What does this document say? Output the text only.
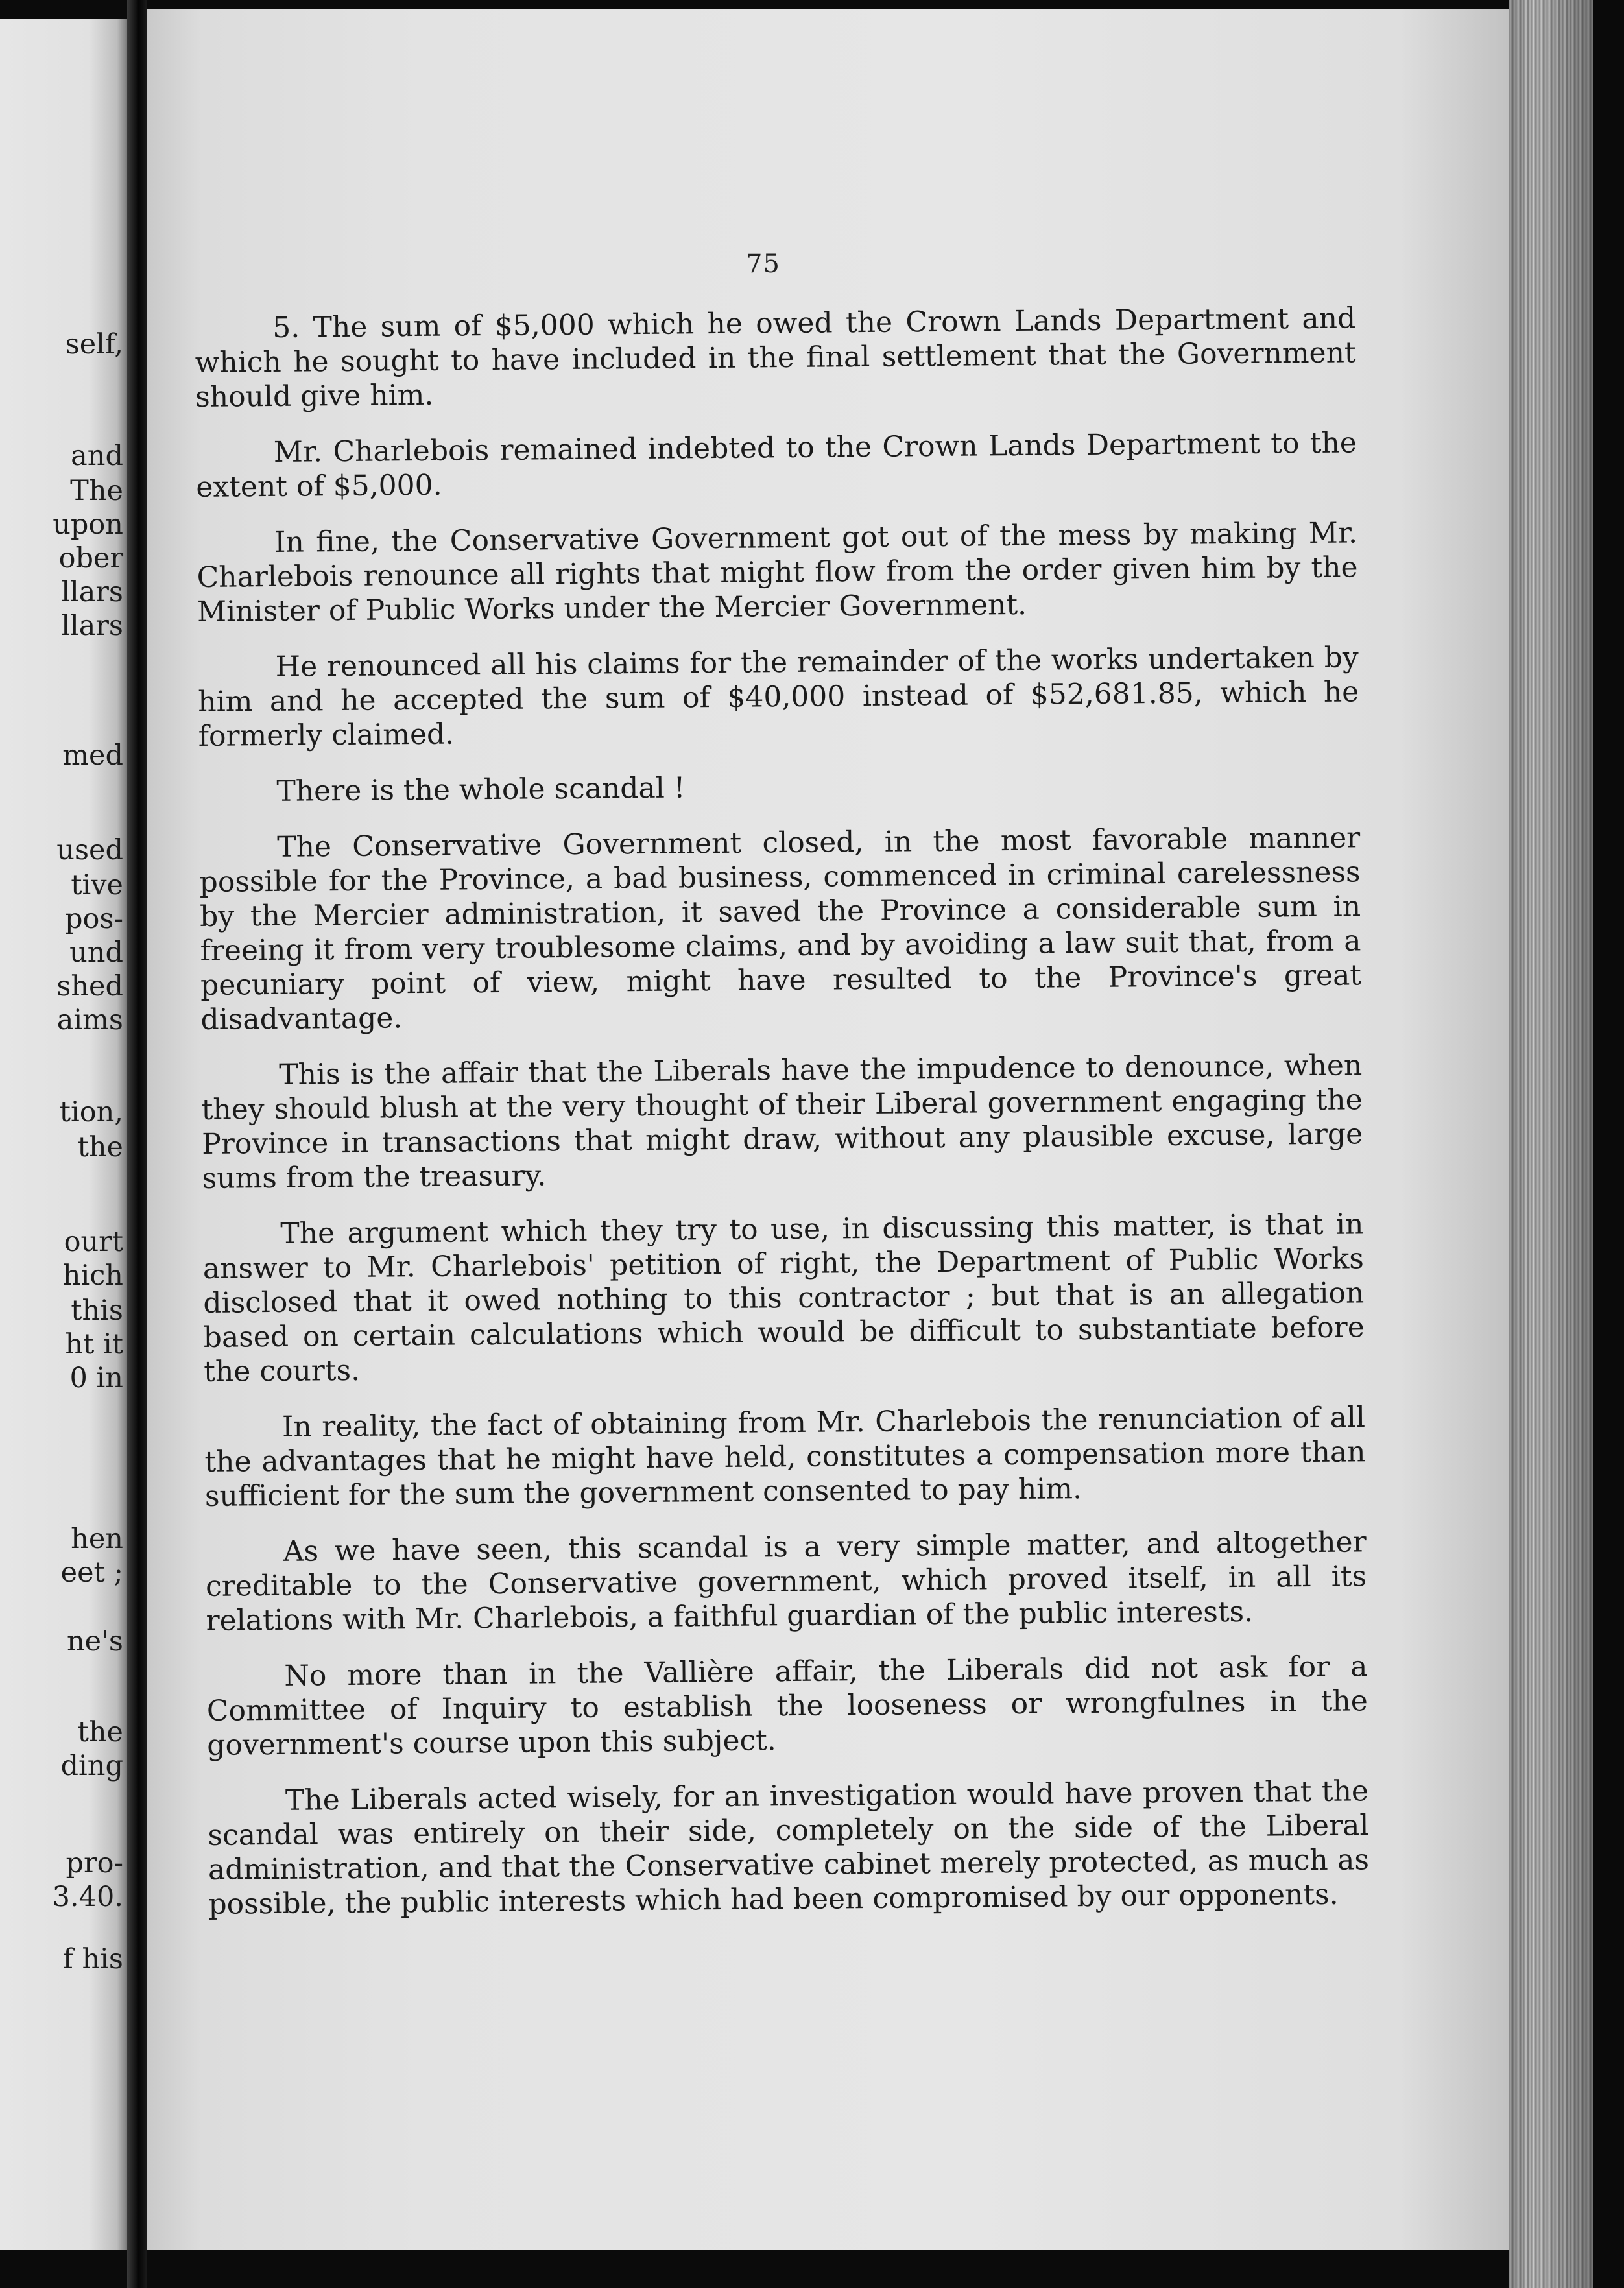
self,
and
The
upon
ober
llars
llars
med
used
tive
pos-
und
shed
aims
tion,
the
ourt
hich
this
ht it
0 in
hen
eet ;
ne's
the
ding
pro-
3.40.
f his
75

5. The sum of $5,000 which he owed the Crown Lands Department and which he sought to have included in the final settlement that the Government should give him.

Mr. Charlebois remained indebted to the Crown Lands Department to the extent of $5,000.

In fine, the Conservative Government got out of the mess by making Mr. Charlebois renounce all rights that might flow from the order given him by the Minister of Public Works under the Mercier Government.

He renounced all his claims for the remainder of the works undertaken by him and he accepted the sum of $40,000 instead of $52,681.85, which he formerly claimed.

There is the whole scandal !

The Conservative Government closed, in the most favorable manner possible for the Province, a bad business, commenced in criminal carelessness by the Mercier administration, it saved the Province a considerable sum in freeing it from very troublesome claims, and by avoiding a law suit that, from a pecuniary point of view, might have resulted to the Province's great disadvantage.

This is the affair that the Liberals have the impudence to denounce, when they should blush at the very thought of their Liberal government engaging the Province in transactions that might draw, without any plausible excuse, large sums from the treasury.

The argument which they try to use, in discussing this matter, is that in answer to Mr. Charlebois' petition of right, the Department of Public Works disclosed that it owed nothing to this contractor ; but that is an allegation based on certain calculations which would be difficult to substantiate before the courts.

In reality, the fact of obtaining from Mr. Charlebois the renunciation of all the advantages that he might have held, constitutes a compensation more than sufficient for the sum the government consented to pay him.

As we have seen, this scandal is a very simple matter, and altogether creditable to the Conservative government, which proved itself, in all its relations with Mr. Charlebois, a faithful guardian of the public interests.

No more than in the Vallière affair, the Liberals did not ask for a Committee of Inquiry to establish the looseness or wrongfulnes in the government's course upon this subject.

The Liberals acted wisely, for an investigation would have proven that the scandal was entirely on their side, completely on the side of the Liberal administration, and that the Conservative cabinet merely protected, as much as possible, the public interests which had been compromised by our opponents.
